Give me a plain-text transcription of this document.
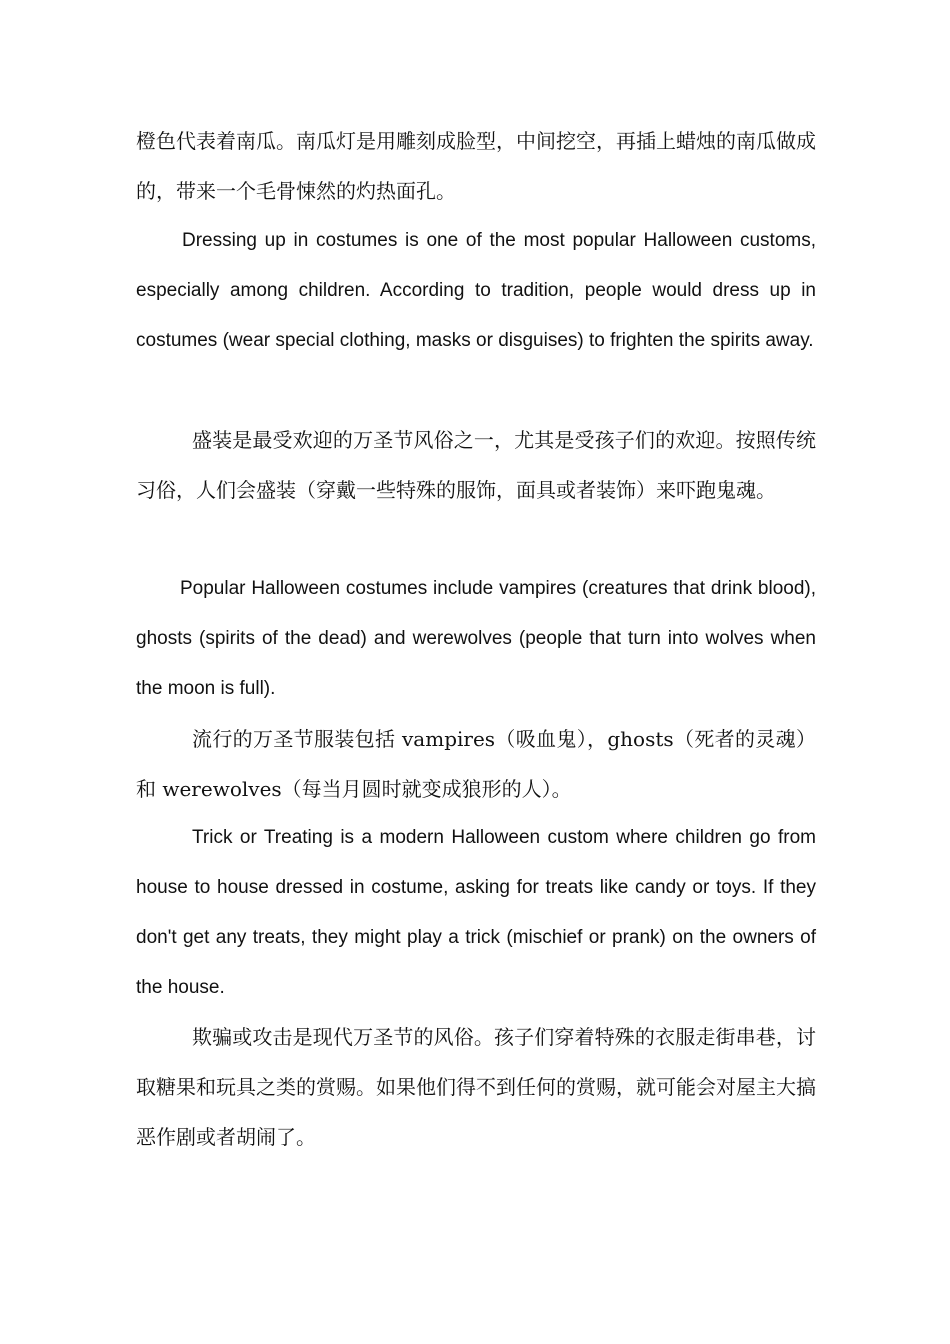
橙色代表着南瓜。南瓜灯是用雕刻成脸型，中间挖空，再插上蜡烛的南瓜做成的，带来一个毛骨悚然的灼热面孔。

Dressing up in costumes is one of the most popular Halloween customs, especially among children. According to tradition, people would dress up in costumes (wear special clothing, masks or disguises) to frighten the spirits away.

盛装是最受欢迎的万圣节风俗之一，尤其是受孩子们的欢迎。按照传统习俗，人们会盛装（穿戴一些特殊的服饰，面具或者装饰）来吓跑鬼魂。

Popular Halloween costumes include vampires (creatures that drink blood), ghosts (spirits of the dead) and werewolves (people that turn into wolves when the moon is full).

流行的万圣节服装包括 vampires（吸血鬼），ghosts（死者的灵魂）和 werewolves（每当月圆时就变成狼形的人）。

Trick or Treating is a modern Halloween custom where children go from house to house dressed in costume, asking for treats like candy or toys. If they don't get any treats, they might play a trick (mischief or prank) on the owners of the house.

欺骗或攻击是现代万圣节的风俗。孩子们穿着特殊的衣服走街串巷，讨取糖果和玩具之类的赏赐。如果他们得不到任何的赏赐，就可能会对屋主大搞恶作剧或者胡闹了。
